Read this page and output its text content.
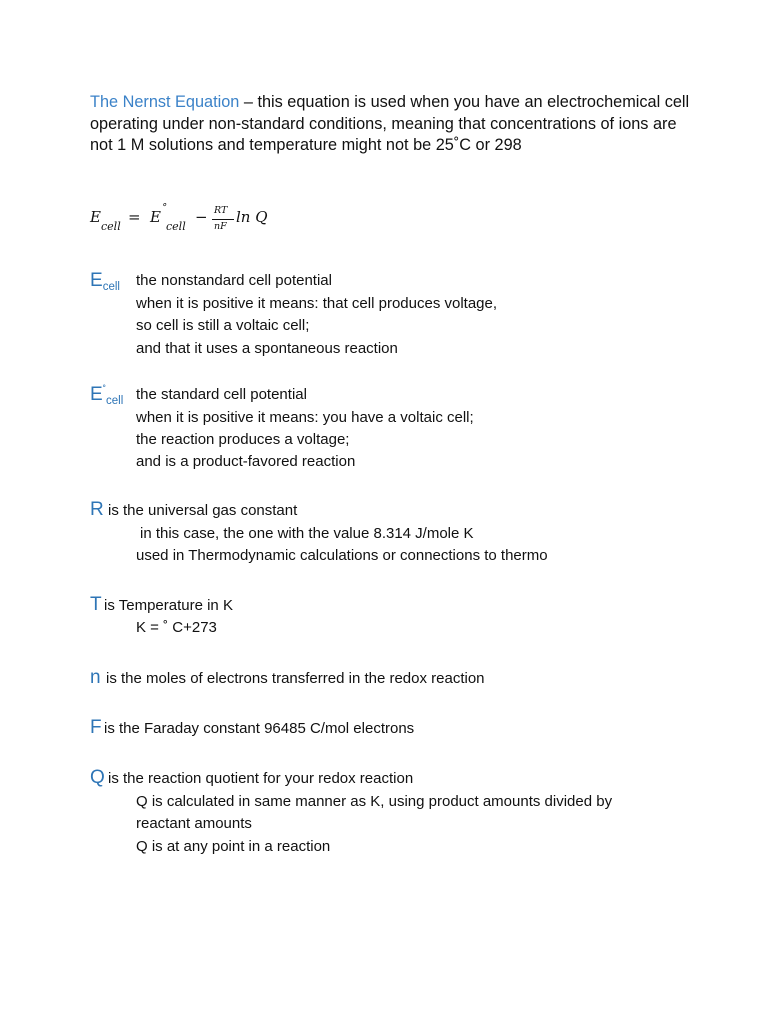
The Nernst Equation – this equation is used when you have an electrochemical cell operating under non-standard conditions, meaning that concentrations of ions are not 1 M solutions and temperature might not be 25˚C or 298

E
cell
= E ˚
cell
− RT
nF
ln Q
$E_{cell}$ the nonstandard cell potential
when it is positive it means: that cell produces voltage,
so cell is still a voltaic cell;
and that it uses a spontaneous reaction
$E^˚_{cell}$ the standard cell potential
when it is positive it means: you have a voltaic cell;
the reaction produces a voltage;
and is a product-favored reaction
R is the universal gas constant
in this case, the one with the value 8.314 J/mole K
used in Thermodynamic calculations or connections to thermo
T is Temperature in K
K = ˚ C+273
n is the moles of electrons transferred in the redox reaction
F is the Faraday constant 96485 C/mol electrons
Q is the reaction quotient for your redox reaction
Q is calculated in same manner as K, using product amounts divided by
reactant amounts
Q is at any point in a reaction
